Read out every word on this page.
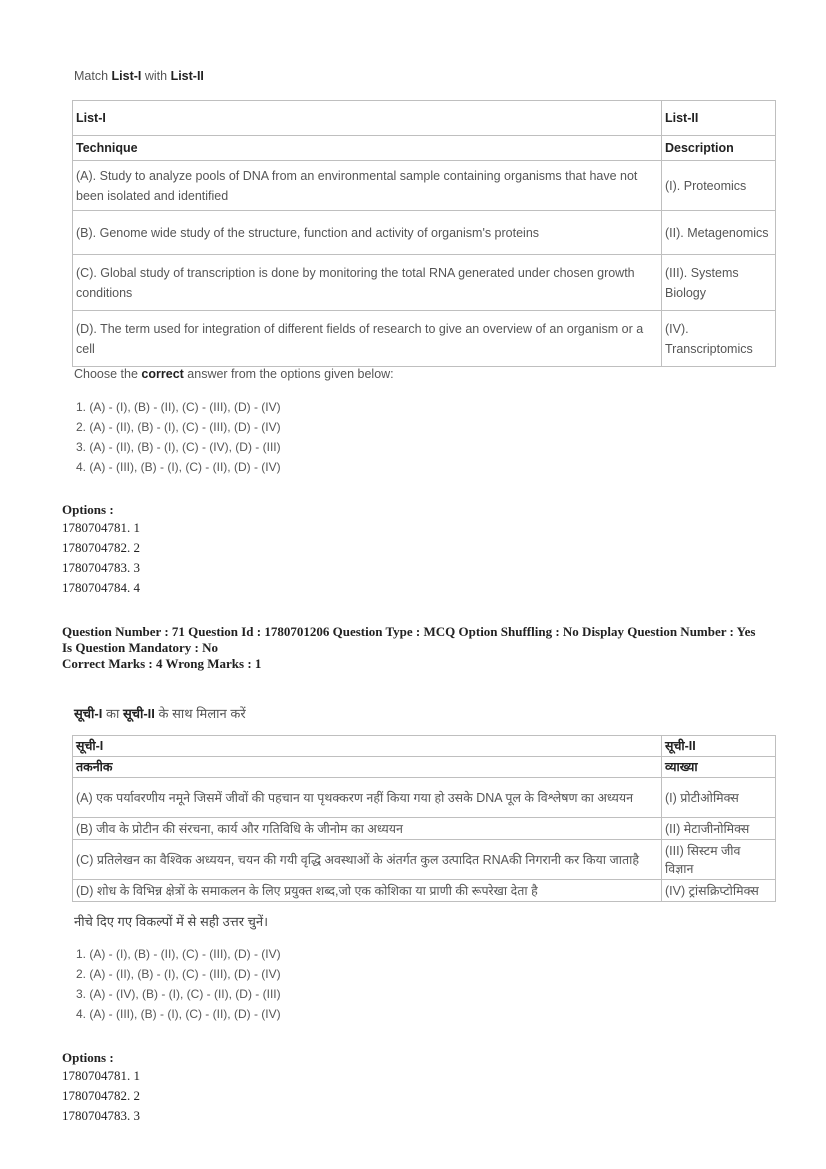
Match List-I with List-II
List-I	List-II
Technique	Description
(A). Study to analyze pools of DNA from an environmental sample containing organisms that have not been isolated and identified	(I). Proteomics
(B). Genome wide study of the structure, function and activity of organism's proteins	(II). Metagenomics
(C). Global study of transcription is done by monitoring the total RNA generated under chosen growth conditions	(III). Systems Biology
(D). The term used for integration of different fields of research to give an overview of an organism or a cell	(IV). Transcriptomics
Choose the correct answer from the options given below:
1. (A) - (I), (B) - (II), (C) - (III), (D) - (IV)
2. (A) - (II), (B) - (I), (C) - (III), (D) - (IV)
3. (A) - (II), (B) - (I), (C) - (IV), (D) - (III)
4. (A) - (III), (B) - (I), (C) - (II), (D) - (IV)
Options :
1780704781. 1
1780704782. 2
1780704783. 3
1780704784. 4
Question Number : 71 Question Id : 1780701206 Question Type : MCQ Option Shuffling : No Display Question Number : Yes
Is Question Mandatory : No
Correct Marks : 4 Wrong Marks : 1
सूची-I का सूची-II के साथ मिलान करें
सूची-I	सूची-II
तकनीक	व्याख्या
(A) एक पर्यावरणीय नमूने जिसमें जीवों की पहचान या पृथक्करण नहीं किया गया हो उसके DNA पूल के विश्लेषण का अध्ययन	(I) प्रोटीओमिक्स
(B) जीव के प्रोटीन की संरचना, कार्य और गतिविधि के जीनोम का अध्ययन	(II) मेटाजीनोमिक्स
(C) प्रतिलेखन का वैश्विक अध्ययन, चयन की गयी वृद्धि अवस्थाओं के अंतर्गत कुल उत्पादित RNAकी निगरानी कर किया जाताहै	(III) सिस्टम जीव विज्ञान
(D) शोध के विभिन्न क्षेत्रों के समाकलन के लिए प्रयुक्त शब्द,जो एक कोशिका या प्राणी की रूपरेखा देता है	(IV) ट्रांसक्रिप्टोमिक्स
नीचे दिए गए विकल्पों में से सही उत्तर चुनें।
1. (A) - (I), (B) - (II), (C) - (III), (D) - (IV)
2. (A) - (II), (B) - (I), (C) - (III), (D) - (IV)
3. (A) - (IV), (B) - (I), (C) - (II), (D) - (III)
4. (A) - (III), (B) - (I), (C) - (II), (D) - (IV)
Options :
1780704781. 1
1780704782. 2
1780704783. 3
